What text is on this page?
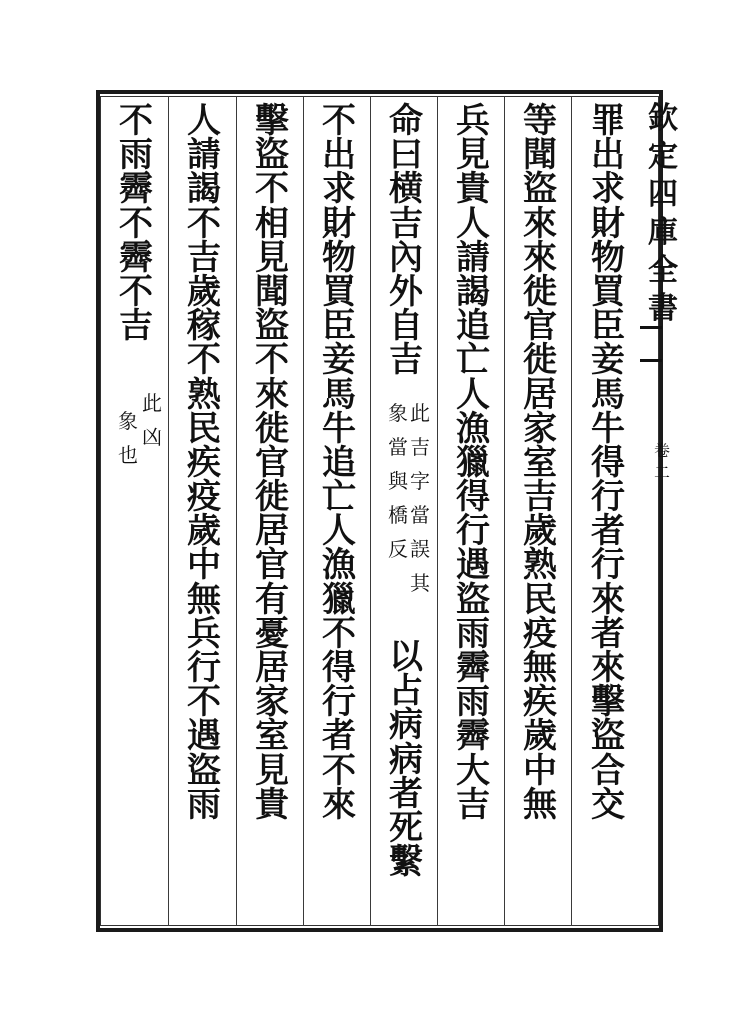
欽
定
四
庫
全
書
卷
二
罪
出
求
財
物
買
臣
妾
馬
牛
得
行
者
行
來
者
來
擊
盜
合
交
等
聞
盜
來
來
徙
官
徙
居
家
室
吉
歲
熟
民
疫
無
疾
歲
中
無
兵
見
貴
人
請
謁
追
亡
人
漁
獵
得
行
遇
盜
雨
霽
雨
霽
大
吉
命
曰
横
吉
內
外
自
吉
以
占
病
病
者
死
繫
不
出
求
財
物
買
臣
妾
馬
牛
追
亡
人
漁
獵
不
得
行
者
不
來
擊
盜
不
相
見
聞
盜
不
來
徙
官
徙
居
官
有
憂
居
家
室
見
貴
人
請
謁
不
吉
歲
稼
不
熟
民
疾
疫
歲
中
無
兵
行
不
遇
盜
雨
不
雨
霽
不
霽
不
吉
此
吉
字
當
誤
其
象
當
與
橋
反
此
凶
象
也
